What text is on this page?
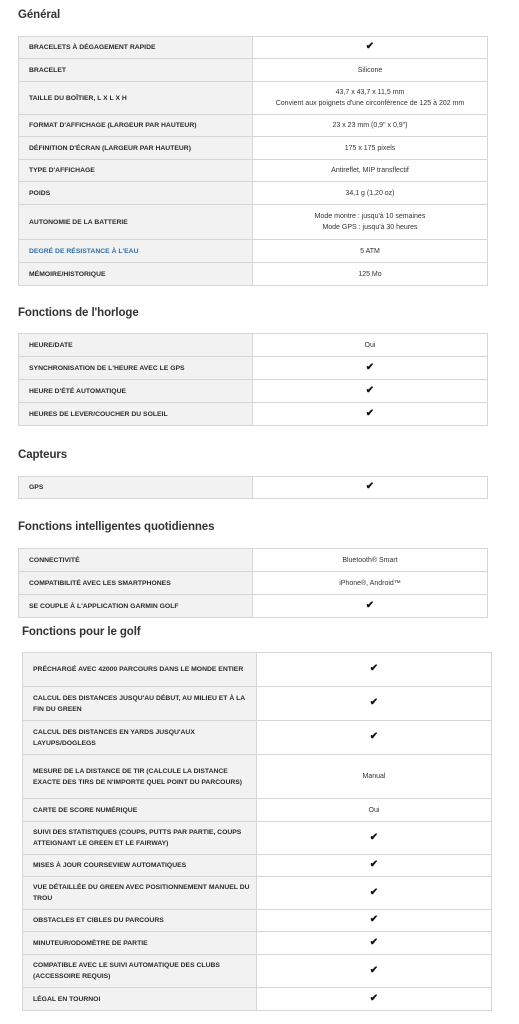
Général
BRACELETS À DÉGAGEMENT RAPIDE	✔
BRACELET	Silicone
TAILLE DU BOÎTIER, L X L X H	43,7 x 43,7 x 11,5 mm
Convient aux poignets d'une circonférence de 125 à 202 mm

FORMAT D'AFFICHAGE (LARGEUR PAR HAUTEUR)	23 x 23 mm (0,9" x 0,9")
DÉFINITION D'ÉCRAN (LARGEUR PAR HAUTEUR)	175 x 175 pixels
TYPE D'AFFICHAGE	Antireflet, MIP transflectif
POIDS	34,1 g (1,20 oz)
AUTONOMIE DE LA BATTERIE	Mode montre : jusqu'à 10 semaines
Mode GPS : jusqu'à 30 heures

DEGRÉ DE RÉSISTANCE À L'EAU	5 ATM
MÉMOIRE/HISTORIQUE	125 Mo
Fonctions de l'horloge
HEURE/DATE	Oui
SYNCHRONISATION DE L'HEURE AVEC LE GPS	✔
HEURE D'ÉTÉ AUTOMATIQUE	✔
HEURES DE LEVER/COUCHER DU SOLEIL	✔
Capteurs
GPS	✔
Fonctions intelligentes quotidiennes
CONNECTIVITÉ	Bluetooth® Smart
COMPATIBILITÉ AVEC LES SMARTPHONES	iPhone®, Android™
SE COUPLE À L'APPLICATION GARMIN GOLF	✔
Fonctions pour le golf
PRÉCHARGÉ AVEC 42000 PARCOURS DANS LE MONDE ENTIER	✔
CALCUL DES DISTANCES JUSQU'AU DÉBUT, AU MILIEU ET À LA FIN DU GREEN	✔
CALCUL DES DISTANCES EN YARDS JUSQU'AUX LAYUPS/DOGLEGS	✔
MESURE DE LA DISTANCE DE TIR (CALCULE LA DISTANCE EXACTE DES TIRS DE N'IMPORTE QUEL POINT DU PARCOURS)	Manual
CARTE DE SCORE NUMÉRIQUE	Oui
SUIVI DES STATISTIQUES (COUPS, PUTTS PAR PARTIE, COUPS ATTEIGNANT LE GREEN ET LE FAIRWAY)	✔
MISES À JOUR COURSEVIEW AUTOMATIQUES	✔
VUE DÉTAILLÉE DU GREEN AVEC POSITIONNEMENT MANUEL DU TROU	✔
OBSTACLES ET CIBLES DU PARCOURS	✔
MINUTEUR/ODOMÈTRE DE PARTIE	✔
COMPATIBLE AVEC LE SUIVI AUTOMATIQUE DES CLUBS (ACCESSOIRE REQUIS)	✔
LÉGAL EN TOURNOI	✔
